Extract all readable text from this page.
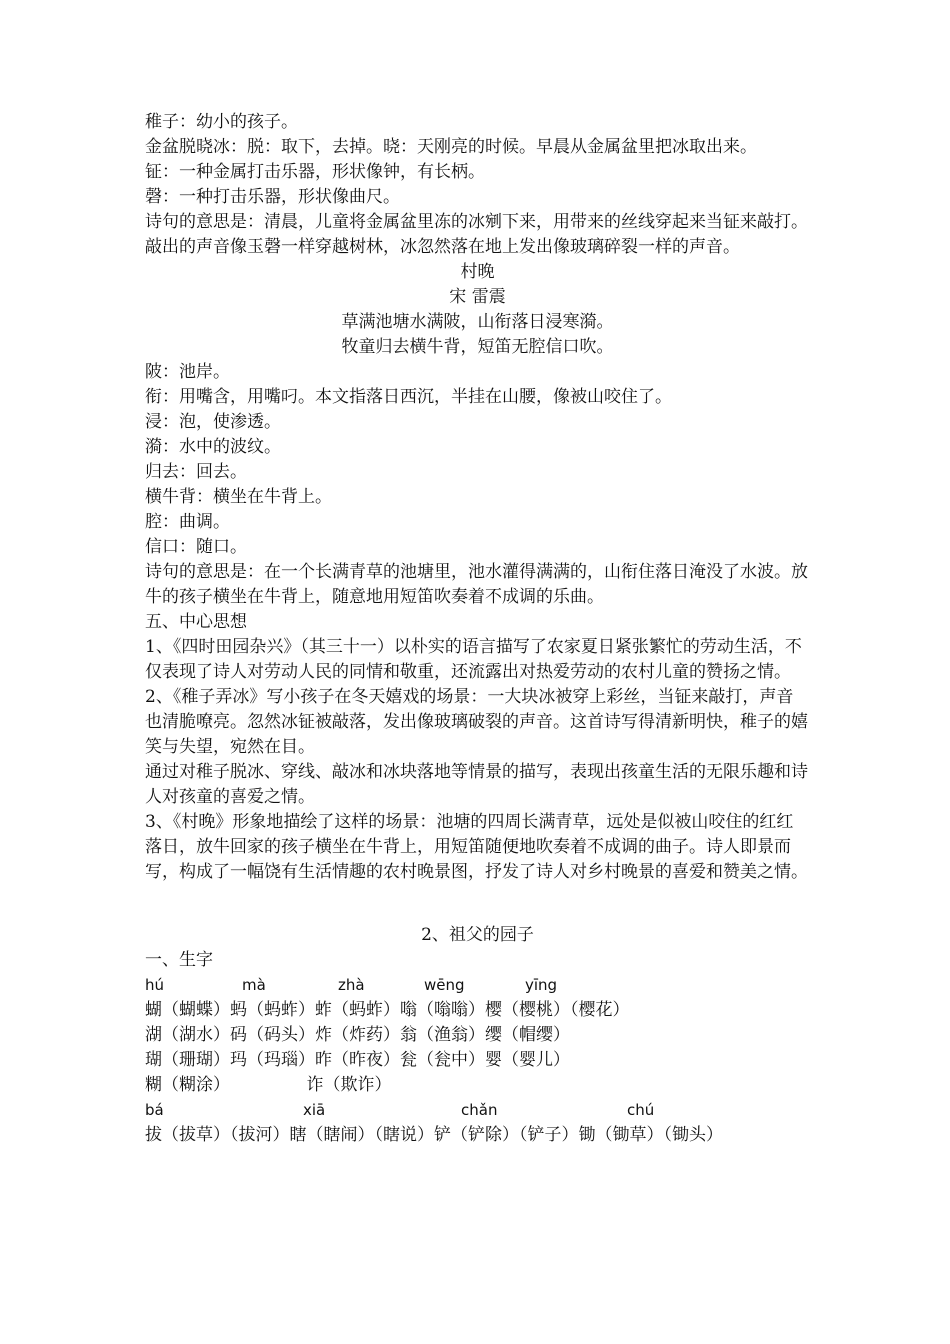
稚子：幼小的孩子。
金盆脱晓冰：脱：取下，去掉。晓：天刚亮的时候。早晨从金属盆里把冰取出来。
钲：一种金属打击乐器，形状像钟，有长柄。
磬：一种打击乐器，形状像曲尺。
诗句的意思是：清晨，儿童将金属盆里冻的冰剜下来，用带来的丝线穿起来当钲来敲打。敲出的声音像玉磬一样穿越树林，冰忽然落在地上发出像玻璃碎裂一样的声音。
村晚
宋 雷震
草满池塘水满陂，山衔落日浸寒漪。
牧童归去横牛背，短笛无腔信口吹。
陂：池岸。
衔：用嘴含，用嘴叼。本文指落日西沉，半挂在山腰，像被山咬住了。
浸：泡，使渗透。
漪：水中的波纹。
归去：回去。
横牛背：横坐在牛背上。
腔：曲调。
信口：随口。
诗句的意思是：在一个长满青草的池塘里，池水灌得满满的，山衔住落日淹没了水波。放牛的孩子横坐在牛背上，随意地用短笛吹奏着不成调的乐曲。
五、中心思想
1、《四时田园杂兴》（其三十一）以朴实的语言描写了农家夏日紧张繁忙的劳动生活，不仅表现了诗人对劳动人民的同情和敬重，还流露出对热爱劳动的农村儿童的赞扬之情。
2、《稚子弄冰》写小孩子在冬天嬉戏的场景：一大块冰被穿上彩丝，当钲来敲打，声音也清脆嘹亮。忽然冰钲被敲落，发出像玻璃破裂的声音。这首诗写得清新明快，稚子的嬉笑与失望，宛然在目。
通过对稚子脱冰、穿线、敲冰和冰块落地等情景的描写，表现出孩童生活的无限乐趣和诗人对孩童的喜爱之情。
3、《村晚》形象地描绘了这样的场景：池塘的四周长满青草，远处是似被山咬住的红红落日，放牛回家的孩子横坐在牛背上，用短笛随便地吹奏着不成调的曲子。诗人即景而写，构成了一幅饶有生活情趣的农村晚景图，抒发了诗人对乡村晚景的喜爱和赞美之情。
2、祖父的园子
一、生字
hú	mà	zhà	wēng	yīng
蝴（蝴蝶）蚂（蚂蚱）蚱（蚂蚱）嗡（嗡嗡）樱（樱桃）（樱花）
湖（湖水）码（码头）炸（炸药）翁（渔翁）缨（帽缨）
瑚（珊瑚）玛（玛瑙）昨（昨夜）瓮（瓮中）婴（婴儿）
糊（糊涂）　　　　　诈（欺诈）
bá	xiā	chǎn	chú
拔（拔草）（拔河）瞎（瞎闹）（瞎说）铲（铲除）（铲子）锄（锄草）（锄头）
